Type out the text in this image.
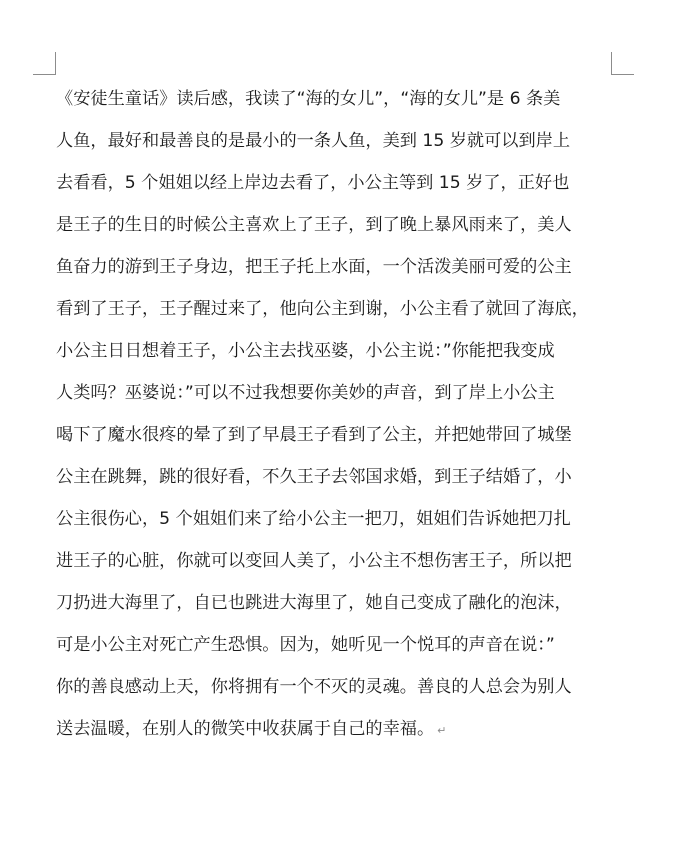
《安徒生童话》读后感，我读了“海的女儿”，“海的女儿”是 6 条美
人鱼，最好和最善良的是最小的一条人鱼，美到 15 岁就可以到岸上
去看看，5 个姐姐以经上岸边去看了，小公主等到 15 岁了，正好也
是王子的生日的时候公主喜欢上了王子，到了晚上暴风雨来了，美人
鱼奋力的游到王子身边，把王子托上水面，一个活泼美丽可爱的公主
看到了王子，王子醒过来了，他向公主到谢，小公主看了就回了海底，
小公主日日想着王子，小公主去找巫婆，小公主说：”你能把我变成
人类吗？巫婆说：”可以不过我想要你美妙的声音，到了岸上小公主
喝下了魔水很疼的晕了到了早晨王子看到了公主，并把她带回了城堡
公主在跳舞，跳的很好看，不久王子去邻国求婚，到王子结婚了，小
公主很伤心，5 个姐姐们来了给小公主一把刀，姐姐们告诉她把刀扎
进王子的心脏，你就可以变回人美了，小公主不想伤害王子，所以把
刀扔进大海里了，自已也跳进大海里了，她自己变成了融化的泡沫，
可是小公主对死亡产生恐惧。因为，她听见一个悦耳的声音在说：”
你的善良感动上天，你将拥有一个不灭的灵魂。善良的人总会为别人
送去温暖，在别人的微笑中收获属于自己的幸福。 ↵
